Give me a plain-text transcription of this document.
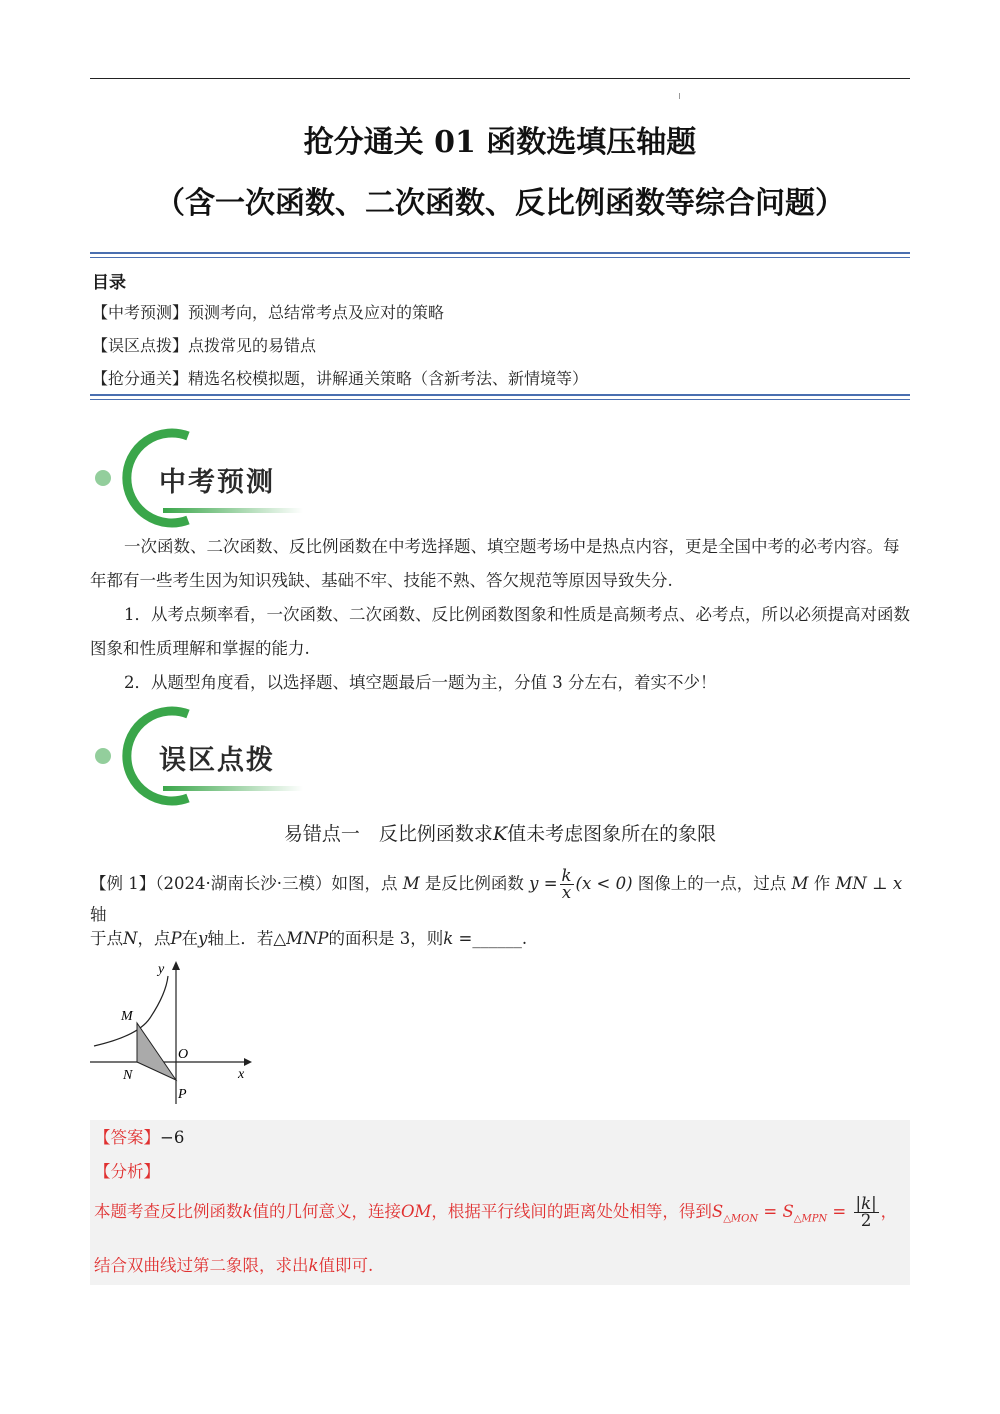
抢分通关 01 函数选填压轴题
（含一次函数、二次函数、反比例函数等综合问题）
目录
【中考预测】预测考向，总结常考点及应对的策略
【误区点拨】点拨常见的易错点
【抢分通关】精选名校模拟题，讲解通关策略（含新考法、新情境等）
中考预测

一次函数、二次函数、反比例函数在中考选择题、填空题考场中是热点内容，更是全国中考的必考内容。每年都有一些考生因为知识残缺、基础不牢、技能不熟、答欠规范等原因导致失分.

1．从考点频率看，一次函数、二次函数、反比例函数图象和性质是高频考点、必考点，所以必须提高对函数图象和性质理解和掌握的能力.

2．从题型角度看，以选择题、填空题最后一题为主，分值 3 分左右，着实不少！

误区点拨
易错点一　反比例函数求K值未考虑图象所在的象限
【例 1】（2024·湖南长沙·三模）如图，点 M 是反比例函数 $y = \frac{k}{x} (x < 0)$ 图像上的一点，过点 M 作 MN ⊥ x轴
于点N，点P在y轴上．若△MNP的面积是 3，则k =______.
y
x
O
M
N
P
【答案】−6
【分析】
本题考查反比例函数k值的几何意义，连接OM，根据平行线间的距离处处相等，得到$S_{\triangle MON} = S_{\triangle MPN} = \frac{|k|}{2}$ ，
结合双曲线过第二象限，求出k值即可.
